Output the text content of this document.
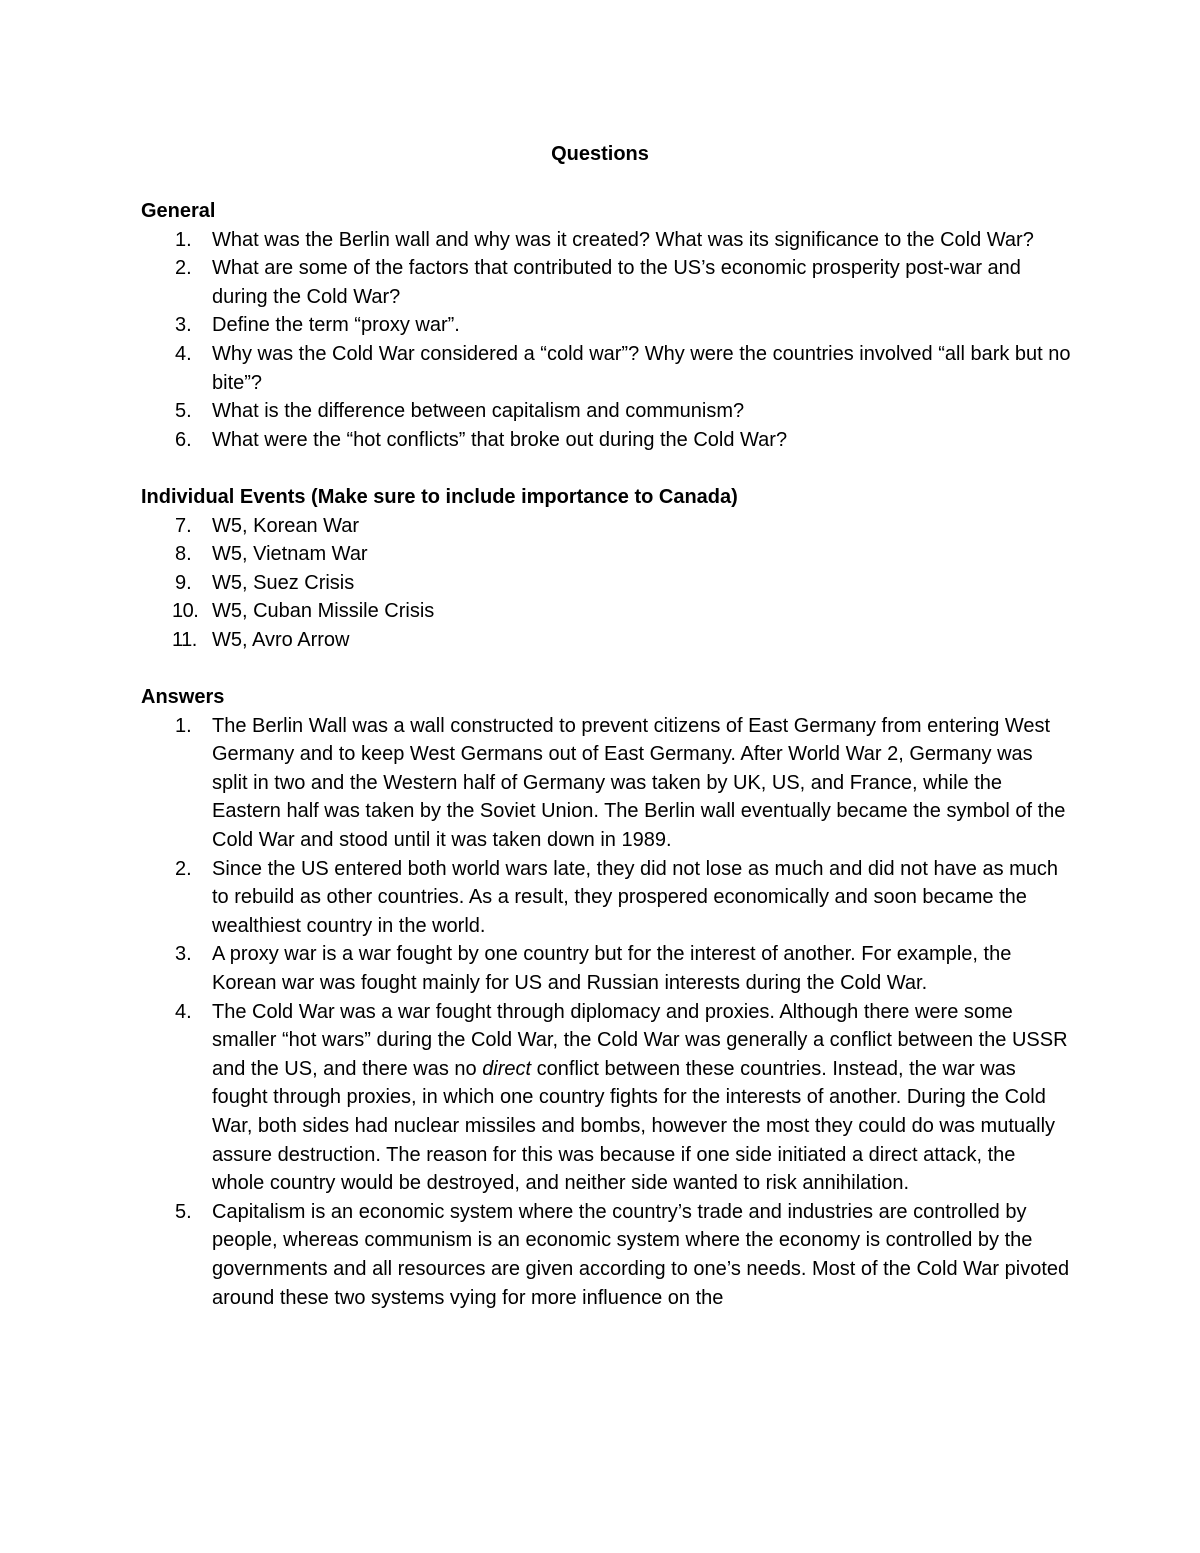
Questions

General

1. What was the Berlin wall and why was it created? What was its significance to the Cold War?
2. What are some of the factors that contributed to the US’s economic prosperity post-war and during the Cold War?
3. Define the term “proxy war”.
4. Why was the Cold War considered a “cold war”? Why were the countries involved “all bark but no bite”?
5. What is the difference between capitalism and communism?
6. What were the “hot conflicts” that broke out during the Cold War?

Individual Events (Make sure to include importance to Canada)

7. W5, Korean War
8. W5, Vietnam War
9. W5, Suez Crisis
10. W5, Cuban Missile Crisis
11. W5, Avro Arrow

Answers

1. The Berlin Wall was a wall constructed to prevent citizens of East Germany from entering West Germany and to keep West Germans out of East Germany. After World War 2, Germany was split in two and the Western half of Germany was taken by UK, US, and France, while the Eastern half was taken by the Soviet Union. The Berlin wall eventually became the symbol of the Cold War and stood until it was taken down in 1989.
2. Since the US entered both world wars late, they did not lose as much and did not have as much to rebuild as other countries. As a result, they prospered economically and soon became the wealthiest country in the world.
3. A proxy war is a war fought by one country but for the interest of another. For example, the Korean war was fought mainly for US and Russian interests during the Cold War.
4. The Cold War was a war fought through diplomacy and proxies. Although there were some smaller “hot wars” during the Cold War, the Cold War was generally a conflict between the USSR and the US, and there was no direct conflict between these countries. Instead, the war was fought through proxies, in which one country fights for the interests of another. During the Cold War, both sides had nuclear missiles and bombs, however the most they could do was mutually assure destruction. The reason for this was because if one side initiated a direct attack, the whole country would be destroyed, and neither side wanted to risk annihilation.
5. Capitalism is an economic system where the country’s trade and industries are controlled by people, whereas communism is an economic system where the economy is controlled by the governments and all resources are given according to one’s needs. Most of the Cold War pivoted around these two systems vying for more influence on the
